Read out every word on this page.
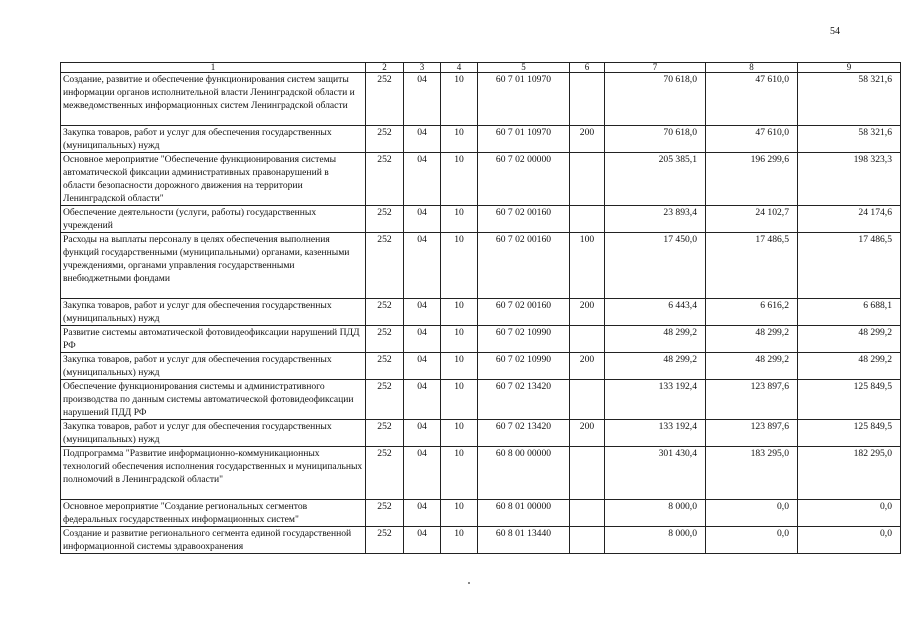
54
1	2	3	4	5	6	7	8	9
Создание, развитие и обеспечение функционирования систем защиты информации органов исполнительной власти Ленинградской области и межведомственных информационных систем Ленинградской области	252	04	10	60 7 01 10970		70 618,0	47 610,0	58 321,6
Закупка товаров, работ и услуг для обеспечения государственных (муниципальных) нужд	252	04	10	60 7 01 10970	200	70 618,0	47 610,0	58 321,6
Основное мероприятие "Обеспечение функционирования системы автоматической фиксации административных правонарушений в области безопасности дорожного движения на территории Ленинградской области"	252	04	10	60 7 02 00000		205 385,1	196 299,6	198 323,3
Обеспечение деятельности (услуги, работы) государственных учреждений	252	04	10	60 7 02 00160		23 893,4	24 102,7	24 174,6
Расходы на выплаты персоналу в целях обеспечения выполнения функций государственными (муниципальными) органами, казенными учреждениями, органами управления государственными внебюджетными фондами	252	04	10	60 7 02 00160	100	17 450,0	17 486,5	17 486,5
Закупка товаров, работ и услуг для обеспечения государственных (муниципальных) нужд	252	04	10	60 7 02 00160	200	6 443,4	6 616,2	6 688,1
Развитие системы автоматической фотовидеофиксации нарушений ПДД РФ	252	04	10	60 7 02 10990		48 299,2	48 299,2	48 299,2
Закупка товаров, работ и услуг для обеспечения государственных (муниципальных) нужд	252	04	10	60 7 02 10990	200	48 299,2	48 299,2	48 299,2
Обеспечение функционирования системы и административного производства по данным системы автоматической фотовидеофиксации нарушений ПДД РФ	252	04	10	60 7 02 13420		133 192,4	123 897,6	125 849,5
Закупка товаров, работ и услуг для обеспечения государственных (муниципальных) нужд	252	04	10	60 7 02 13420	200	133 192,4	123 897,6	125 849,5
Подпрограмма "Развитие информационно-коммуникационных технологий обеспечения исполнения государственных и муниципальных полномочий в Ленинградской области"	252	04	10	60 8 00 00000		301 430,4	183 295,0	182 295,0
Основное мероприятие "Создание региональных сегментов федеральных государственных информационных систем"	252	04	10	60 8 01 00000		8 000,0	0,0	0,0
Создание и развитие регионального сегмента единой государственной информационной системы здравоохранения	252	04	10	60 8 01 13440		8 000,0	0,0	0,0
